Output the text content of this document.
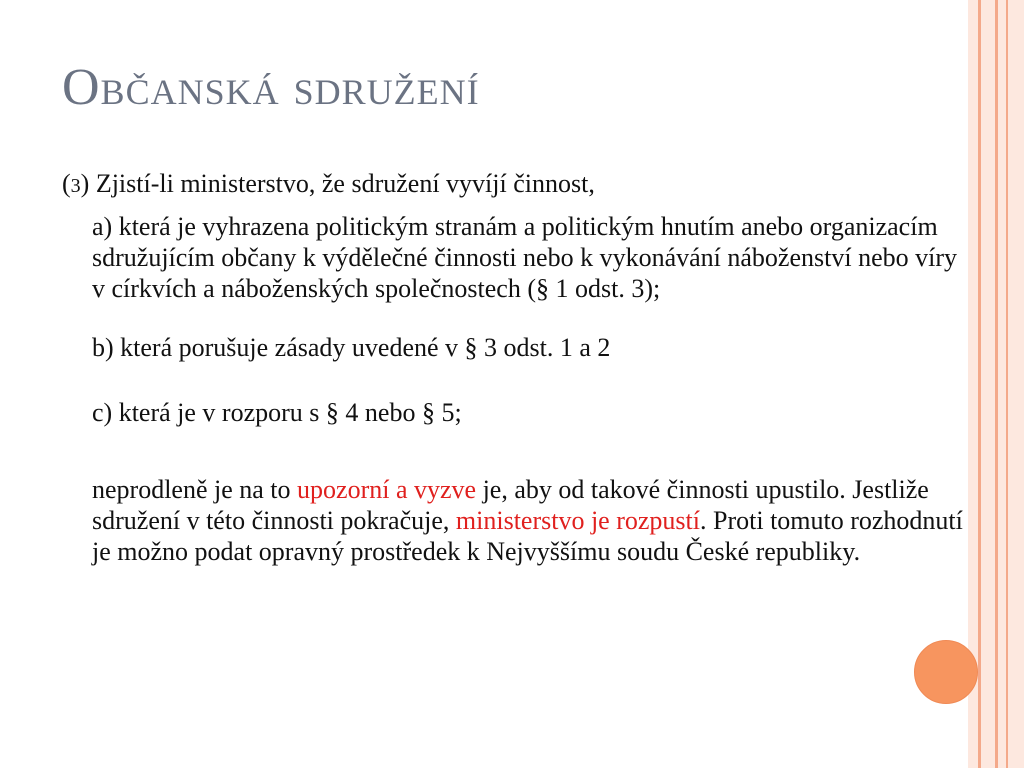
Občanská sdružení

(3) Zjistí-li ministerstvo, že sdružení vyvíjí činnost,

a) která je vyhrazena politickým stranám a politickým hnutím anebo organizacím sdružujícím občany k výdělečné činnosti nebo k vykonávání náboženství nebo víry v církvích a náboženských společnostech (§ 1 odst. 3);

b) která porušuje zásady uvedené v § 3 odst. 1 a 2

c) která je v rozporu s § 4 nebo § 5;

neprodleně je na to upozorní a vyzve je, aby od takové činnosti upustilo. Jestliže sdružení v této činnosti pokračuje, ministerstvo je rozpustí. Proti tomuto rozhodnutí je možno podat opravný prostředek k Nejvyššímu soudu České republiky.
